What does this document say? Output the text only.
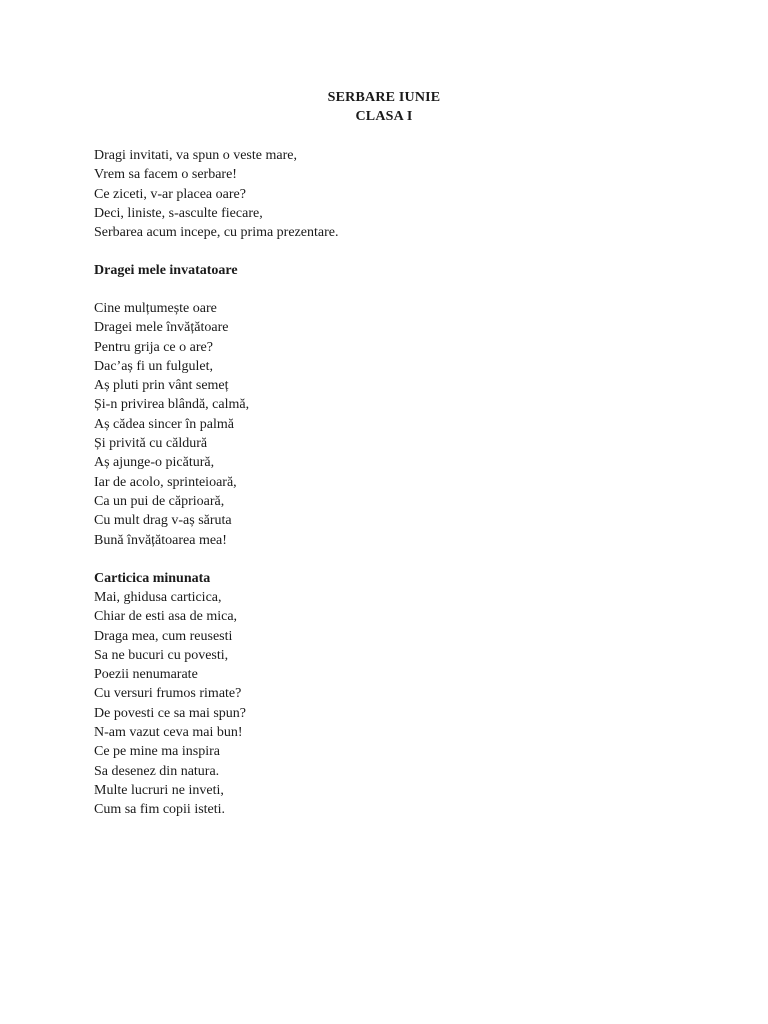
SERBARE IUNIE
CLASA I
Dragi invitati, va spun o veste mare,
Vrem sa facem o serbare!
Ce ziceti, v-ar placea oare?
Deci, liniste, s-asculte fiecare,
Serbarea acum incepe, cu prima prezentare.
Dragei mele invatatoare
Cine mulțumește oare
Dragei mele învățătoare
Pentru grija ce o are?
Dac’aș fi un fulgulet,
Aș pluti prin vânt semeț
Și-n privirea blândă, calmă,
Aș cădea sincer în palmă
Și privită cu căldură
Aș ajunge-o picătură,
Iar de acolo, sprinteioară,
Ca un pui de căprioară,
Cu mult drag v-aș săruta
Bună învățătoarea mea!
Carticica minunata
Mai, ghidusa carticica,
Chiar de esti asa de mica,
Draga mea, cum reusesti
Sa ne bucuri cu povesti,
Poezii nenumarate
Cu versuri frumos rimate?
De povesti ce sa mai spun?
N-am vazut ceva mai bun!
Ce pe mine ma inspira
Sa desenez din natura.
Multe lucruri ne inveti,
Cum sa fim copii isteti.
